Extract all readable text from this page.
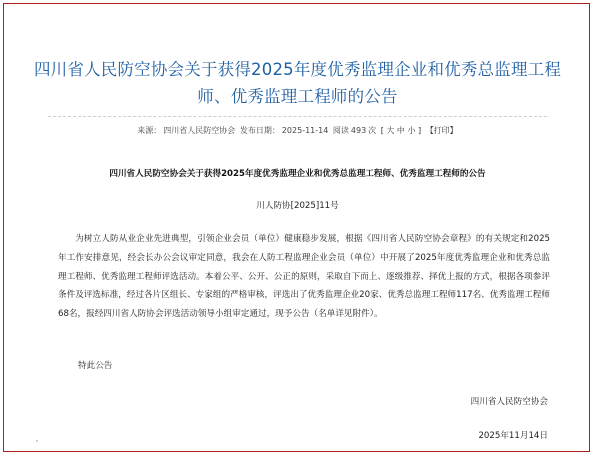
四川省人民防空协会关于获得2025年度优秀监理企业和优秀总监理工程
师、优秀监理工程师的公告
来源： 四川省人民防空协会 发布日期： 2025-11-14 阅读 493 次 [ 大 中 小 ] 【打印】
四川省人民防空协会关于获得2025年度优秀监理企业和优秀总监理工程师、优秀监理工程师的公告
川人防协[2025]11号
为树立人防从业企业先进典型，引领企业会员（单位）健康稳步发展，根据《四川省人民防空协会章程》的有关规定和2025年工作安排意见，经会长办公会议审定同意，我会在人防工程监理企业会员（单位）中开展了2025年度优秀监理企业和优秀总监理工程师、优秀监理工程师评选活动。本着公平、公开、公正的原则，采取自下而上、逐级推荐、择优上报的方式，根据各项参评条件及评选标准，经过各片区组长、专家组的严格审核，评选出了优秀监理企业20家、优秀总监理工程师117名、优秀监理工程师68名，报经四川省人防协会评选活动领导小组审定通过，现予公告（名单详见附件）。
特此公告
四川省人民防空协会
2025年11月14日
